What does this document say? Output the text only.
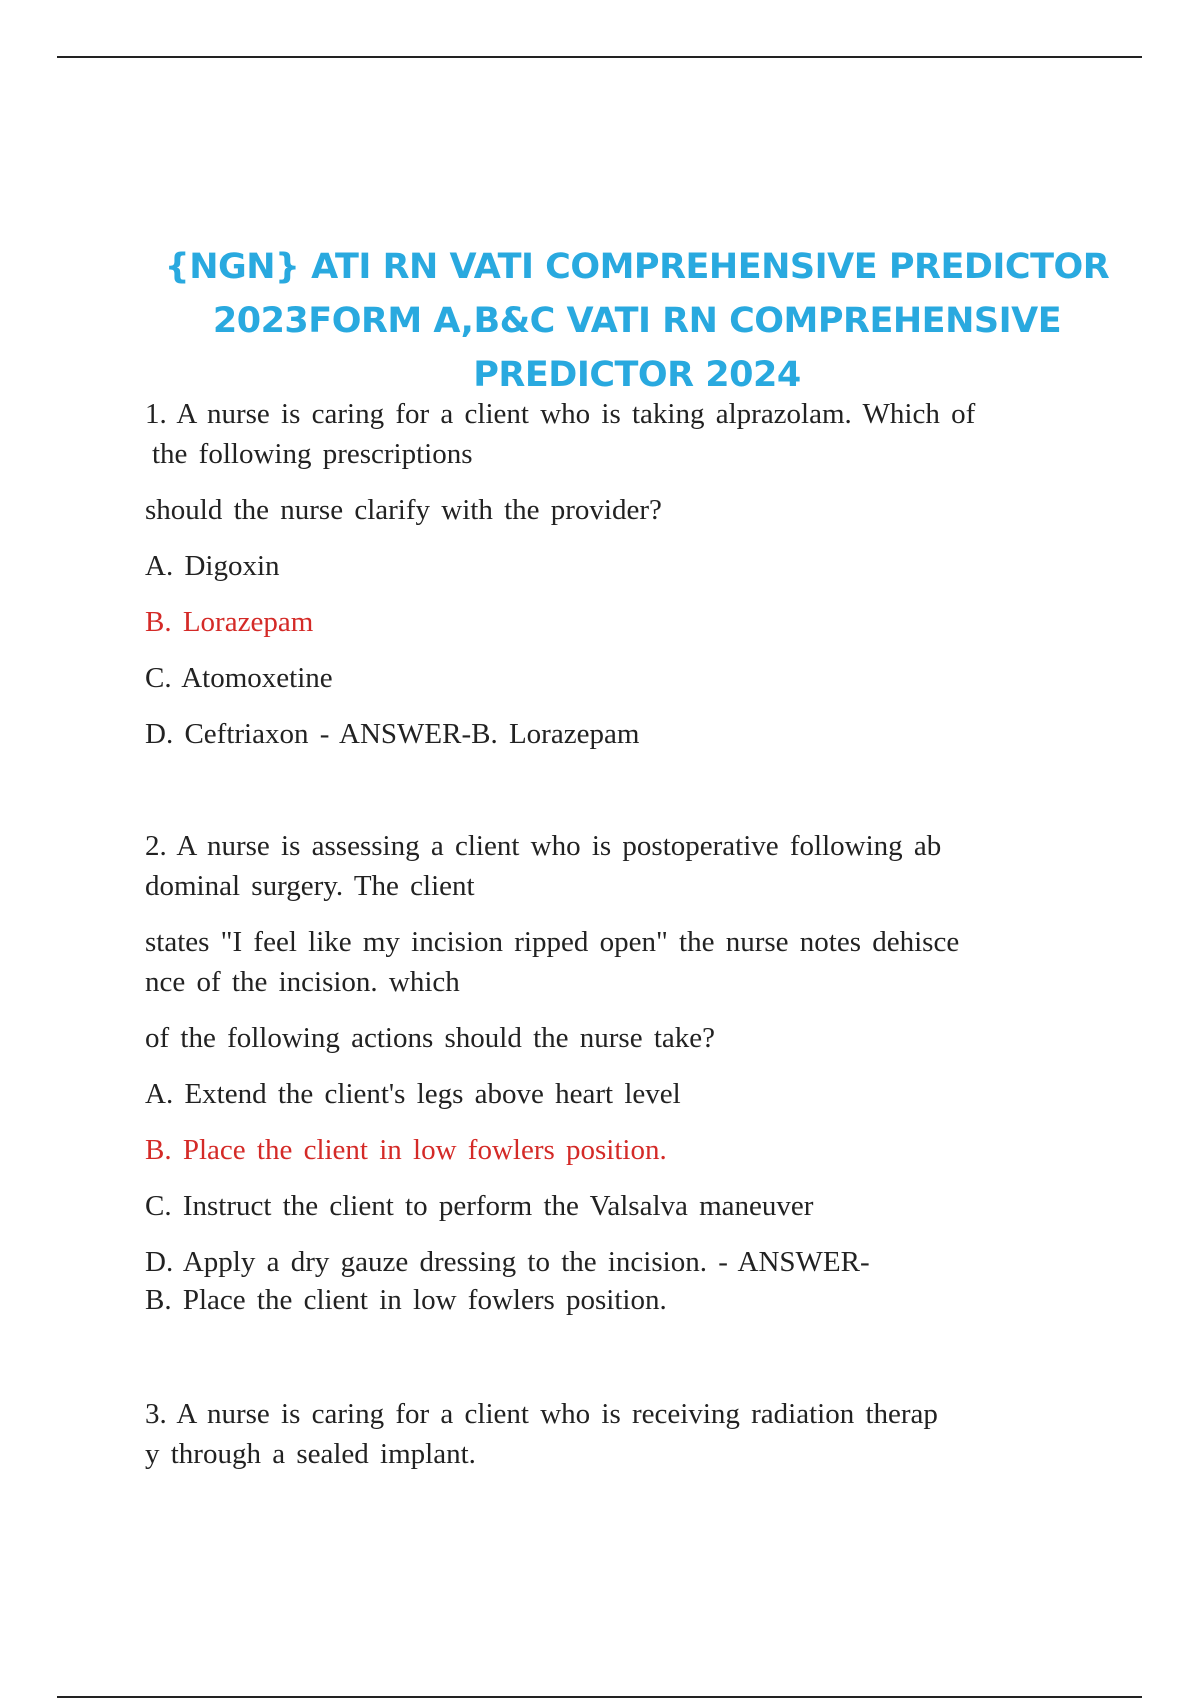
{NGN} ATI RN VATI COMPREHENSIVE PREDICTOR
2023FORM A,B&C VATI RN COMPREHENSIVE
PREDICTOR 2024

1. A nurse is caring for a client who is taking alprazolam. Which of

the following prescriptions

should the nurse clarify with the provider?

A. Digoxin

B. Lorazepam

C. Atomoxetine

D. Ceftriaxon - ANSWER-B. Lorazepam

2. A nurse is assessing a client who is postoperative following ab

dominal surgery. The client

states "I feel like my incision ripped open" the nurse notes dehisce

nce of the incision. which

of the following actions should the nurse take?

A. Extend the client's legs above heart level

B. Place the client in low fowlers position.

C. Instruct the client to perform the Valsalva maneuver

D. Apply a dry gauze dressing to the incision. - ANSWER-

B. Place the client in low fowlers position.

3. A nurse is caring for a client who is receiving radiation therap

y through a sealed implant.
